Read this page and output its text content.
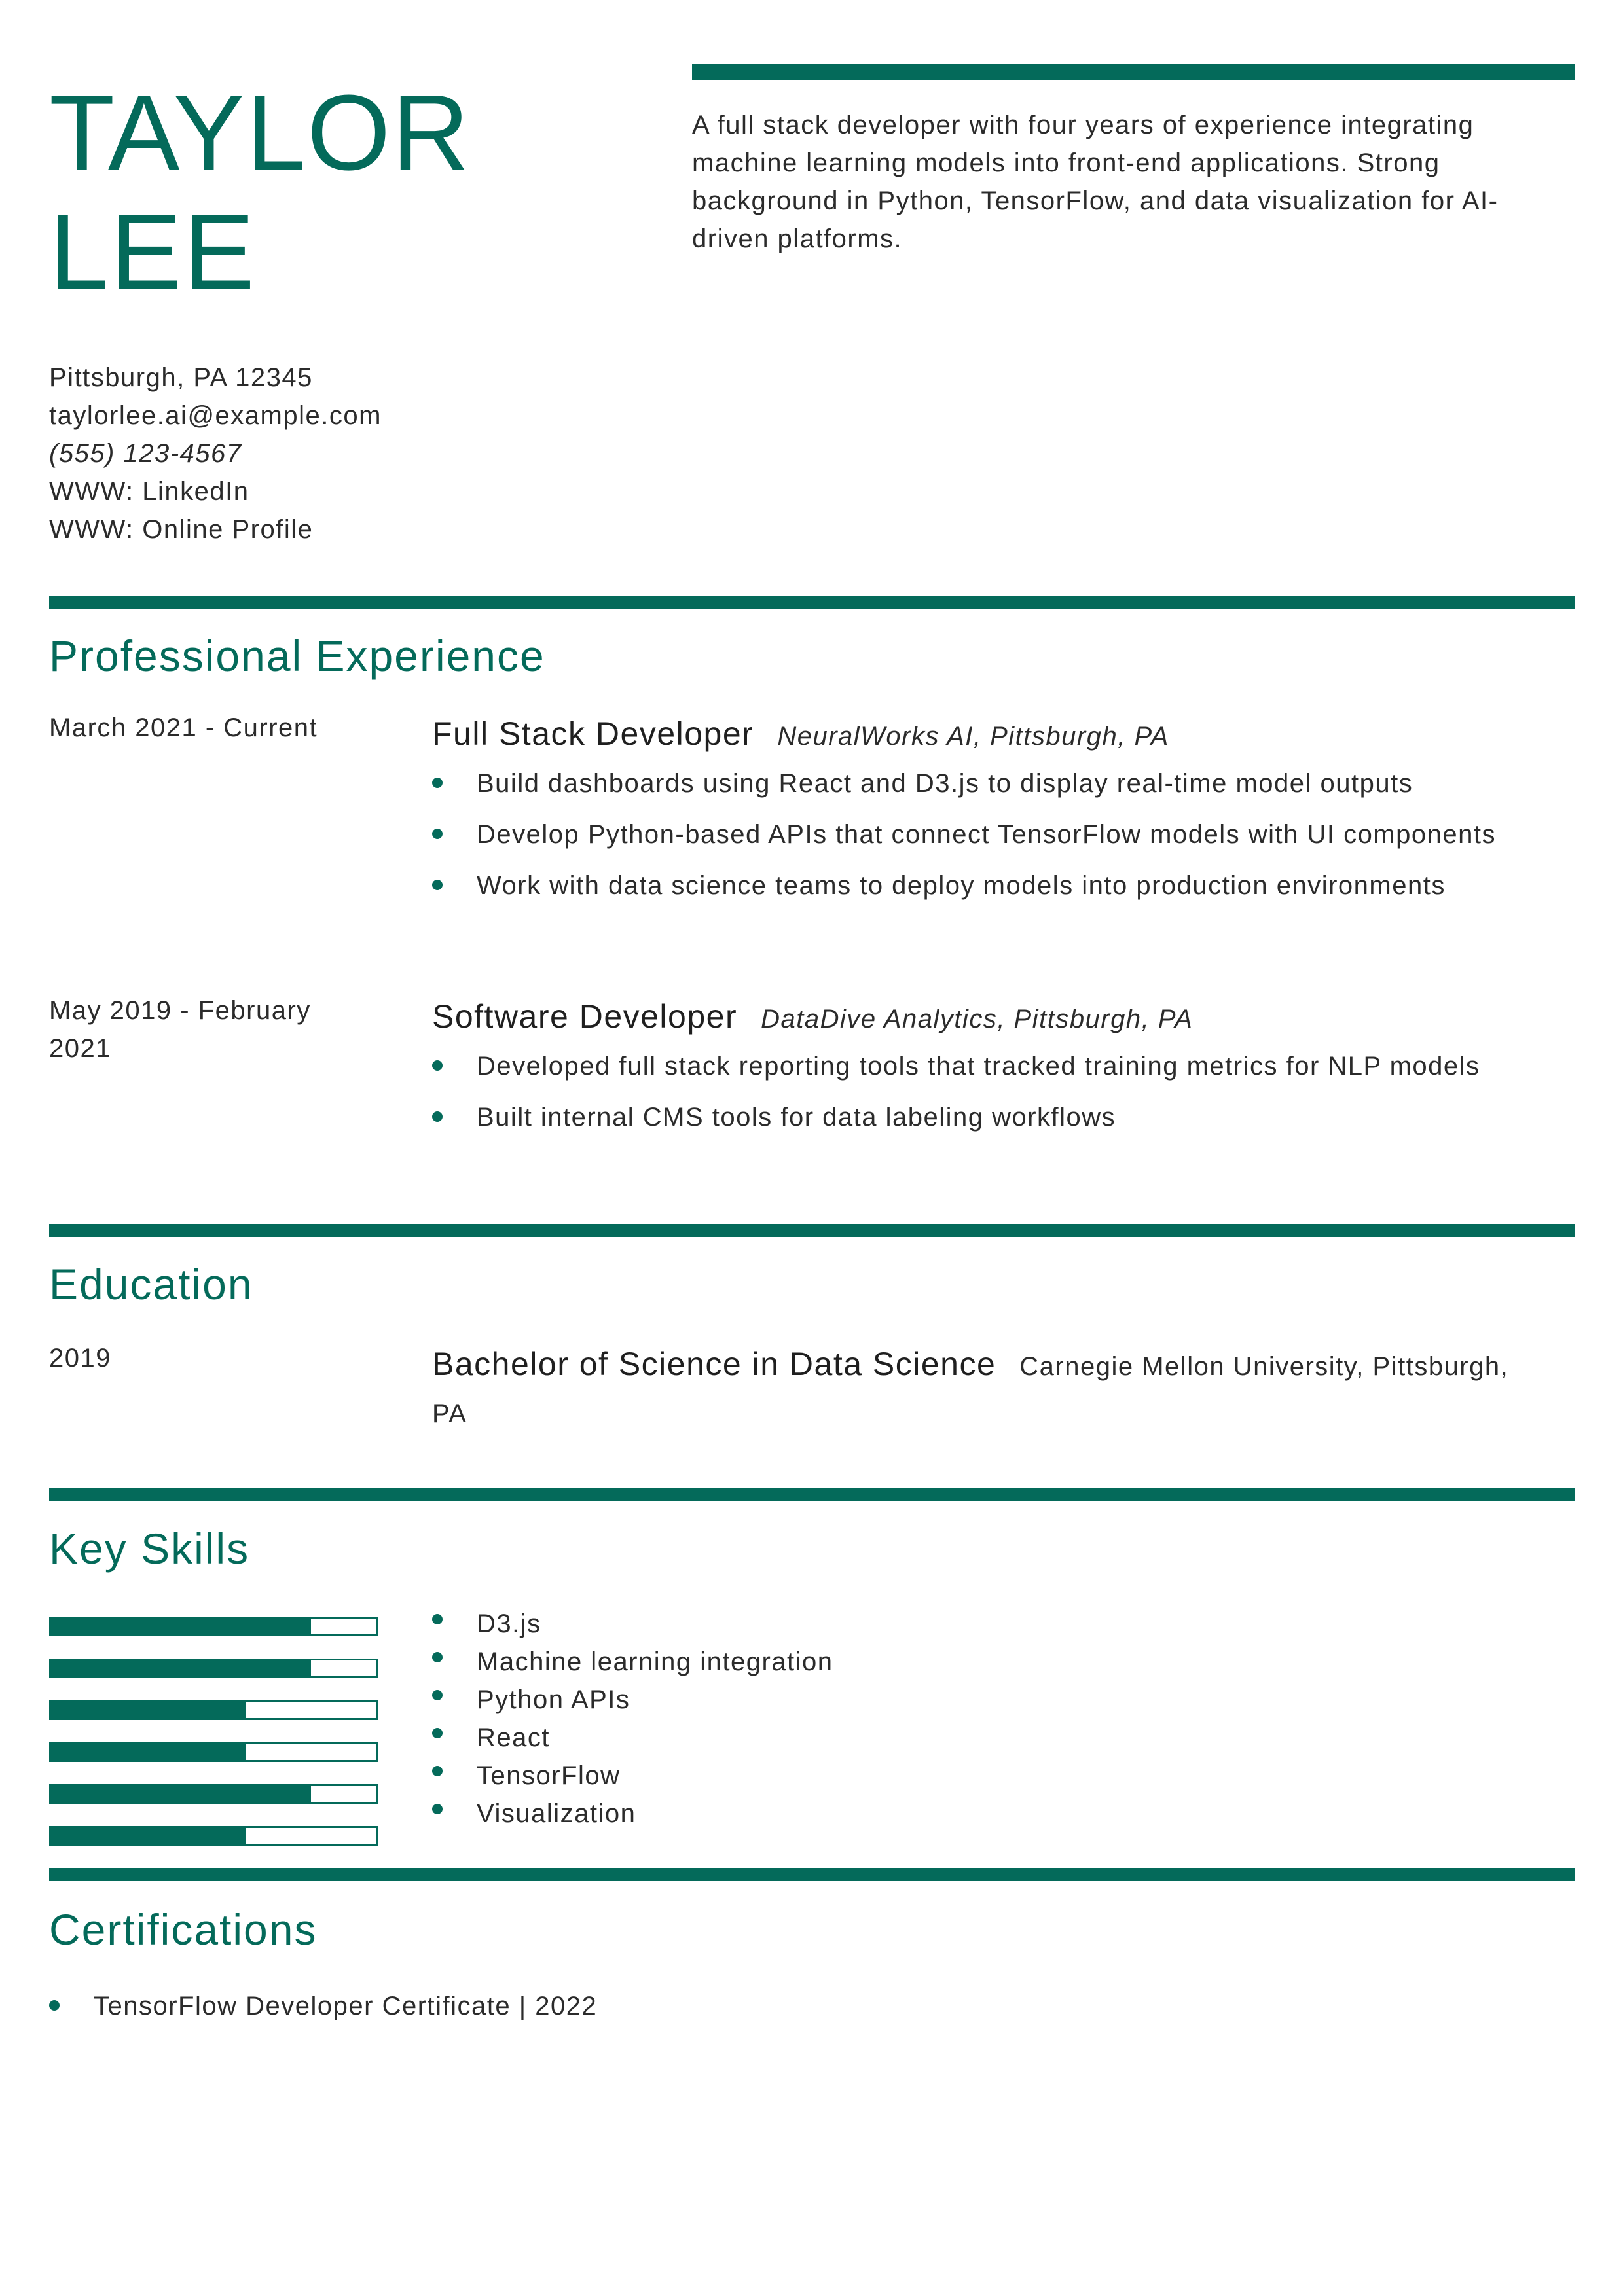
TAYLOR
LEE

A full stack developer with four years of experience integrating machine learning models into front-end applications. Strong background in Python, TensorFlow, and data visualization for AI-driven platforms.

Pittsburgh, PA 12345
taylorlee.ai@example.com
(555) 123-4567
WWW: LinkedIn
WWW: Online Profile
Professional Experience
March 2021 - Current	Full Stack Developer NeuralWorks AI, Pittsburgh, PA
Build dashboards using React and D3.js to display real-time model outputs
Develop Python-based APIs that connect TensorFlow models with UI components
Work with data science teams to deploy models into production environments
May 2019 - February 2021
Software Developer DataDive Analytics, Pittsburgh, PA
Developed full stack reporting tools that tracked training metrics for NLP models
Built internal CMS tools for data labeling workflows
Education
2019	Bachelor of Science in Data Science Carnegie Mellon University, Pittsburgh, PA
Key Skills
D3.js
Machine learning integration
Python APIs
React
TensorFlow
Visualization
Certifications
TensorFlow Developer Certificate | 2022
